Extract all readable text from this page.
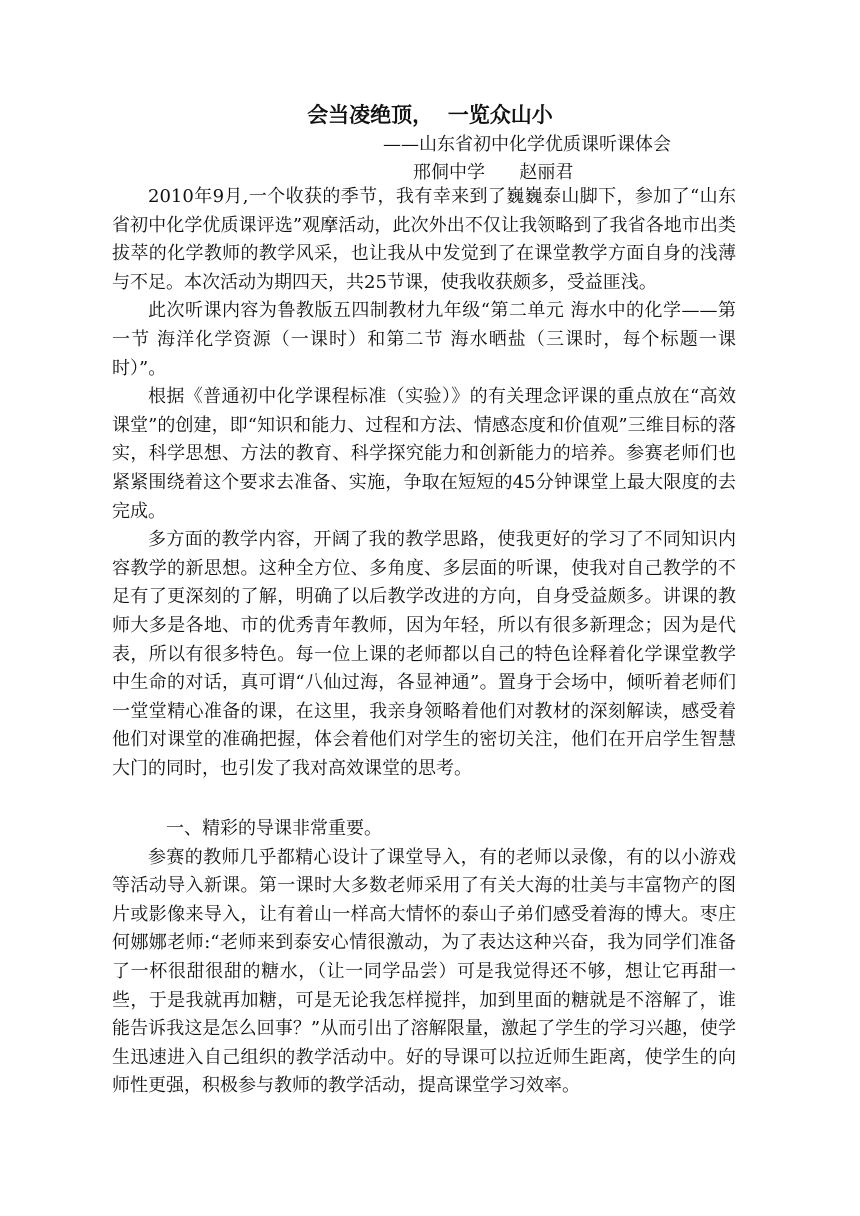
会当凌绝顶，  一览众山小
——山东省初中化学优质课听课体会
邢侗中学      赵丽君

2010年9月,一个收获的季节，我有幸来到了巍巍泰山脚下，参加了“山东省初中化学优质课评选”观摩活动，此次外出不仅让我领略到了我省各地市出类拔萃的化学教师的教学风采，也让我从中发觉到了在课堂教学方面自身的浅薄与不足。本次活动为期四天，共25节课，使我收获颇多，受益匪浅。

此次听课内容为鲁教版五四制教材九年级“第二单元 海水中的化学——第一节 海洋化学资源（一课时）和第二节 海水晒盐（三课时，每个标题一课时）”。

根据《普通初中化学课程标准（实验）》的有关理念评课的重点放在“高效课堂”的创建，即“知识和能力、过程和方法、情感态度和价值观”三维目标的落实，科学思想、方法的教育、科学探究能力和创新能力的培养。参赛老师们也紧紧围绕着这个要求去准备、实施，争取在短短的45分钟课堂上最大限度的去完成。

多方面的教学内容，开阔了我的教学思路，使我更好的学习了不同知识内容教学的新思想。这种全方位、多角度、多层面的听课，使我对自己教学的不足有了更深刻的了解，明确了以后教学改进的方向，自身受益颇多。讲课的教师大多是各地、市的优秀青年教师，因为年轻，所以有很多新理念；因为是代表，所以有很多特色。每一位上课的老师都以自己的特色诠释着化学课堂教学中生命的对话，真可谓“八仙过海，各显神通”。置身于会场中，倾听着老师们一堂堂精心准备的课，在这里，我亲身领略着他们对教材的深刻解读，感受着他们对课堂的准确把握，体会着他们对学生的密切关注，他们在开启学生智慧大门的同时，也引发了我对高效课堂的思考。

一、精彩的导课非常重要。

参赛的教师几乎都精心设计了课堂导入，有的老师以录像，有的以小游戏等活动导入新课。第一课时大多数老师采用了有关大海的壮美与丰富物产的图片或影像来导入，让有着山一样高大情怀的泰山子弟们感受着海的博大。枣庄何娜娜老师:“老师来到泰安心情很激动，为了表达这种兴奋，我为同学们准备了一杯很甜很甜的糖水，（让一同学品尝）可是我觉得还不够，想让它再甜一些，于是我就再加糖，可是无论我怎样搅拌，加到里面的糖就是不溶解了，谁能告诉我这是怎么回事？”从而引出了溶解限量，激起了学生的学习兴趣，使学生迅速进入自己组织的教学活动中。好的导课可以拉近师生距离，使学生的向师性更强，积极参与教师的教学活动，提高课堂学习效率。
